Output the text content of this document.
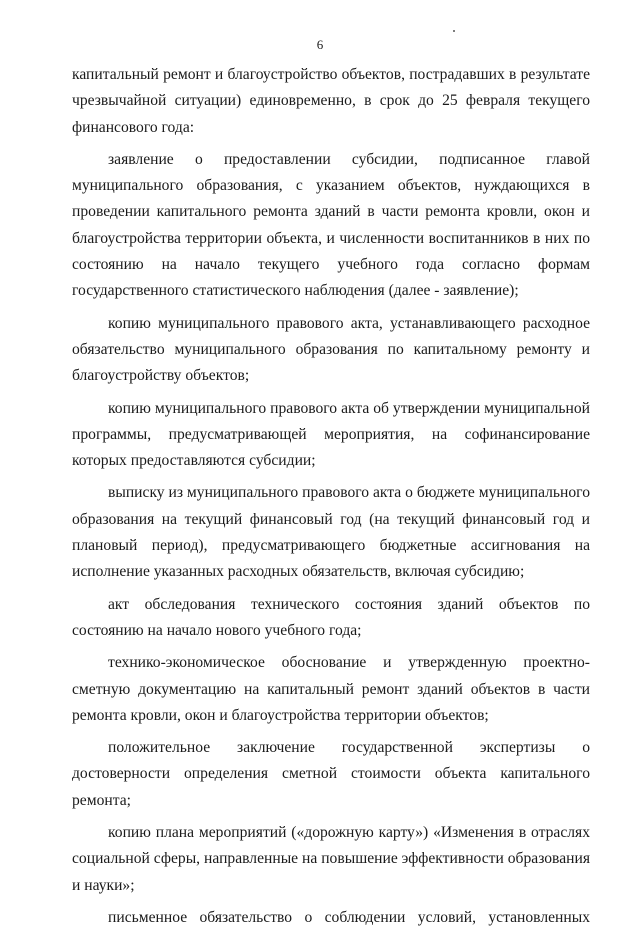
6

капитальный ремонт и благоустройство объектов, пострадавших в результате чрезвычайной ситуации) единовременно, в срок до 25 февраля текущего финансового года:

заявление о предоставлении субсидии, подписанное главой муниципального образования, с указанием объектов, нуждающихся в проведении капитального ремонта зданий в части ремонта кровли, окон и благоустройства территории объекта, и численности воспитанников в них по состоянию на начало текущего учебного года согласно формам государственного статистического наблюдения (далее - заявление);

копию муниципального правового акта, устанавливающего расходное обязательство муниципального образования по капитальному ремонту и благоустройству объектов;

копию муниципального правового акта об утверждении муниципальной программы, предусматривающей мероприятия, на софинансирование которых предоставляются субсидии;

выписку из муниципального правового акта о бюджете муниципального образования на текущий финансовый год (на текущий финансовый год и плановый период), предусматривающего бюджетные ассигнования на исполнение указанных расходных обязательств, включая субсидию;

акт обследования технического состояния зданий объектов по состоянию на начало нового учебного года;

технико-экономическое обоснование и утвержденную проектно-сметную документацию на капитальный ремонт зданий объектов в части ремонта кровли, окон и благоустройства территории объектов;

положительное заключение государственной экспертизы о достоверности определения сметной стоимости объекта капитального ремонта;

копию плана мероприятий («дорожную карту») «Изменения в отраслях социальной сферы, направленные на повышение эффективности образования и науки»;

письменное обязательство о соблюдении условий, установленных
